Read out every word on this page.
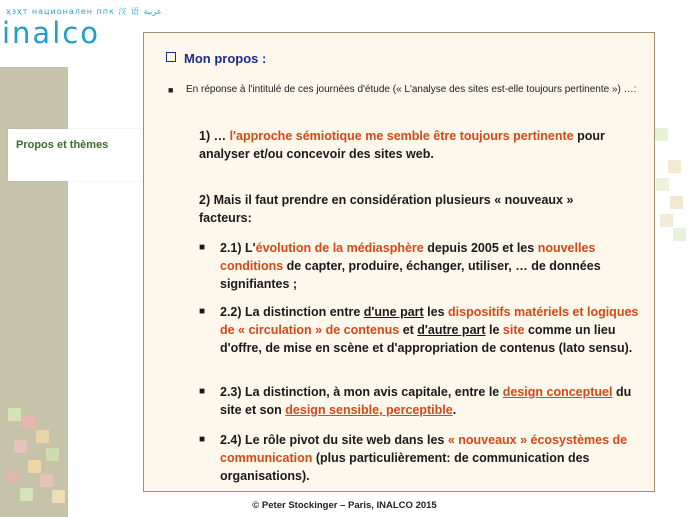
ҳзҳт национален ппк 汉 语 عربية
inalco
Propos et thèmes
Mon propos :
■ En réponse à l'intitulé de ces journées d'étude (« L'analyse des sites est-elle toujours pertinente ») …:
1) … l'approche sémiotique me semble être toujours pertinente pour analyser et/ou concevoir des sites web.
2) Mais il faut prendre en considération plusieurs « nouveaux » facteurs:
■ 2.1) L'évolution de la médiasphère depuis 2005 et les nouvelles conditions de capter, produire, échanger, utiliser, … de données signifiantes ;
■ 2.2) La distinction entre d'une part les dispositifs matériels et logiques de « circulation » de contenus et d'autre part le site comme un lieu d'offre, de mise en scène et d'appropriation de contenus (lato sensu).
■ 2.3) La distinction, à mon avis capitale, entre le design conceptuel du site et son design sensible, perceptible.
■ 2.4) Le rôle pivot du site web dans les « nouveaux » écosystèmes de communication (plus particulièrement: de communication des organisations).
© Peter Stockinger – Paris, INALCO 2015
